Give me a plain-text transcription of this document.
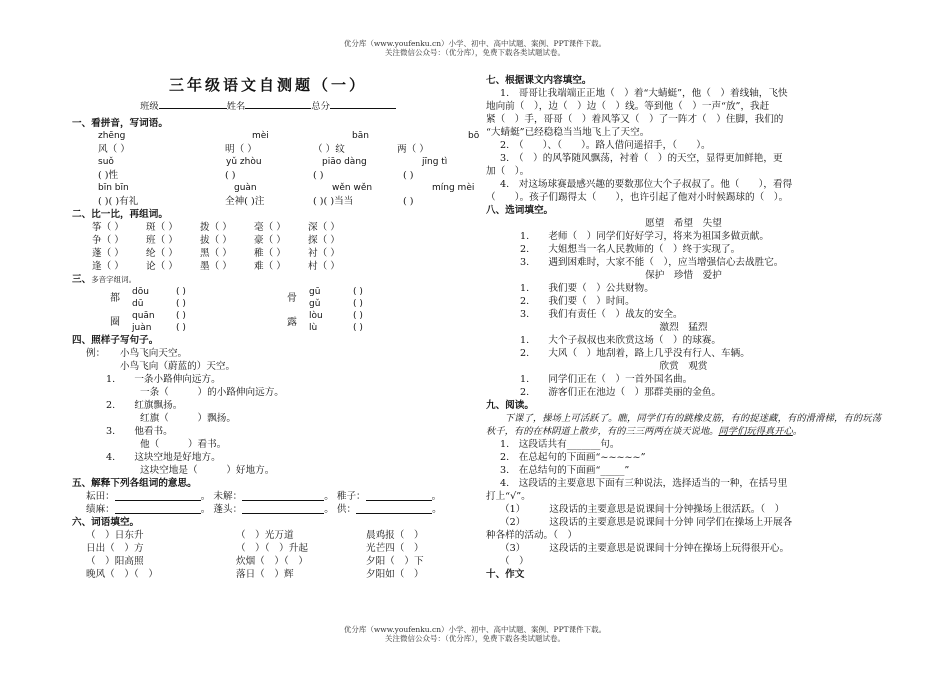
优分库（www.youfenku.cn）小学、初中、高中试题、案例、PPT课件下载。
关注微信公众号：（优分库），免费下载各类试题试卷。
三年级语文自测题（一）
班级	姓名	总分
一、看拼音，写词语。
zhēng	mèi	bān	bō
风（ ）	明（ ）	（ ）纹	两（ ）
suǒ	yǔ zhòu	piāo dàng	jīng tì
( )性	( )	( )	( )
bīn bīn	guàn	wěn wěn	míng mèi
( )( )有礼	全神( )注	( )( )当当	( )
二、比一比，再组词。
筝（ ）	斑（ ）	拨（ ）	毫（ ）	深（ ）
争（ ）	班（ ）	拔（ ）	豪（ ）	探（ ）
蓬（ ）	纶（ ）	黑（ ）	稚（ ）	衬（ ）
逢（ ）	论（ ）	墨（ ）	难（ ）	村（ ）
三、多音字组词。
都
dōu	( )
dū	( )
骨
gū	( )
gǔ	( )
圈
quān	( )
juàn	( )
露
lòu	( )
lù	( )
四、照样子写句子。
例：	小鸟飞向天空。
小鸟飞向（蔚蓝的）天空。
1.　　一条小路伸向远方。
一条（　　　）的小路伸向远方。
2.　　红旗飘扬。
红旗（　　　）飘扬。
3.　　他看书。
他（　　　）看书。
4.　　这块空地是好地方。
这块空地是（　　　）好地方。
五、解释下列各组词的意思。
耘田：	。 未解：	。 稚子：	。
绩麻：	。 蓬头：	。 供：	。
六、词语填空。
（　）日东升	（　）光万道	晨鸡报（　）
日出（　）方	（　）（　）升起	光芒四（　）
（　）阳高照	炊烟（　）（　）	夕阳（　）下
晚风（　）（　）	落日（　）辉	夕阳如（　）
七、根据课文内容填空。
1.　哥哥让我端端正正地（　）着“大蜻蜓”，他（　）着线轴，飞快
地向前（　），边（　）边（　）线。等到他（　）一声“放”，我赶
紧（　）手，哥哥（　）着风筝又（　）了一阵才（　）住脚，我们的
“大蜻蜓”已经稳稳当当地飞上了天空。
2.　（　　）、（　　）。路人借问遥招手，（　　）。
3.　（　）的风筝随风飘荡，衬着（　）的天空，显得更加鲜艳，更
加（　）。
4.　对这场球赛最感兴趣的要数那位大个子叔叔了。他（　　），看得
（　　）。孩子们踢得太（　　），也许引起了他对小时候踢球的（　）。
八、选词填空。
愿望　希望　失望
1.　　老师（　）同学们好好学习，将来为祖国多做贡献。
2.　　大姐想当一名人民教师的（　）终于实现了。
3.　　遇到困难时，大家不能（　），应当增强信心去战胜它。
保护　珍惜　爱护
1.　　我们要（　）公共财物。
2.　　我们要（　）时间。
3.　　我们有责任（　）战友的安全。
激烈　猛烈
1.　　大个子叔叔也来欣赏这场（　）的球赛。
2.　　大风（　）地刮着，路上几乎没有行人、车辆。
欣赏　观赏
1.　　同学们正在（　）一首外国名曲。
2.　　游客们正在池边（　）那群美丽的金鱼。
九、阅读。
下课了，操场上可活跃了。瞧，同学们有的跳橡皮筋，有的捉迷藏，有的滑滑梯，有的玩荡秋千，有的在林阴道上散步，有的三三两两在谈天说地。同学们玩得真开心。
1.　这段话共有_______句。
2.　在总起句的下面画“~~~~~”
3.　在总结句的下面画“_____”
4.　这段话的主要意思下面有三种说法，选择适当的一种，在括号里
打上“√”。
（1）　　　这段话的主要意思是说课间十分钟操场上很活跃。（　）
（2）　　　这段话的主要意思是说课间十分钟 同学们在操场上开展各
种各样的活动。（　）
（3）　　　这段话的主要意思是说课间十分钟在操场上玩得很开心。
（　）
十、作文
优分库（www.youfenku.cn）小学、初中、高中试题、案例、PPT课件下载。
关注微信公众号：（优分库），免费下载各类试题试卷。
